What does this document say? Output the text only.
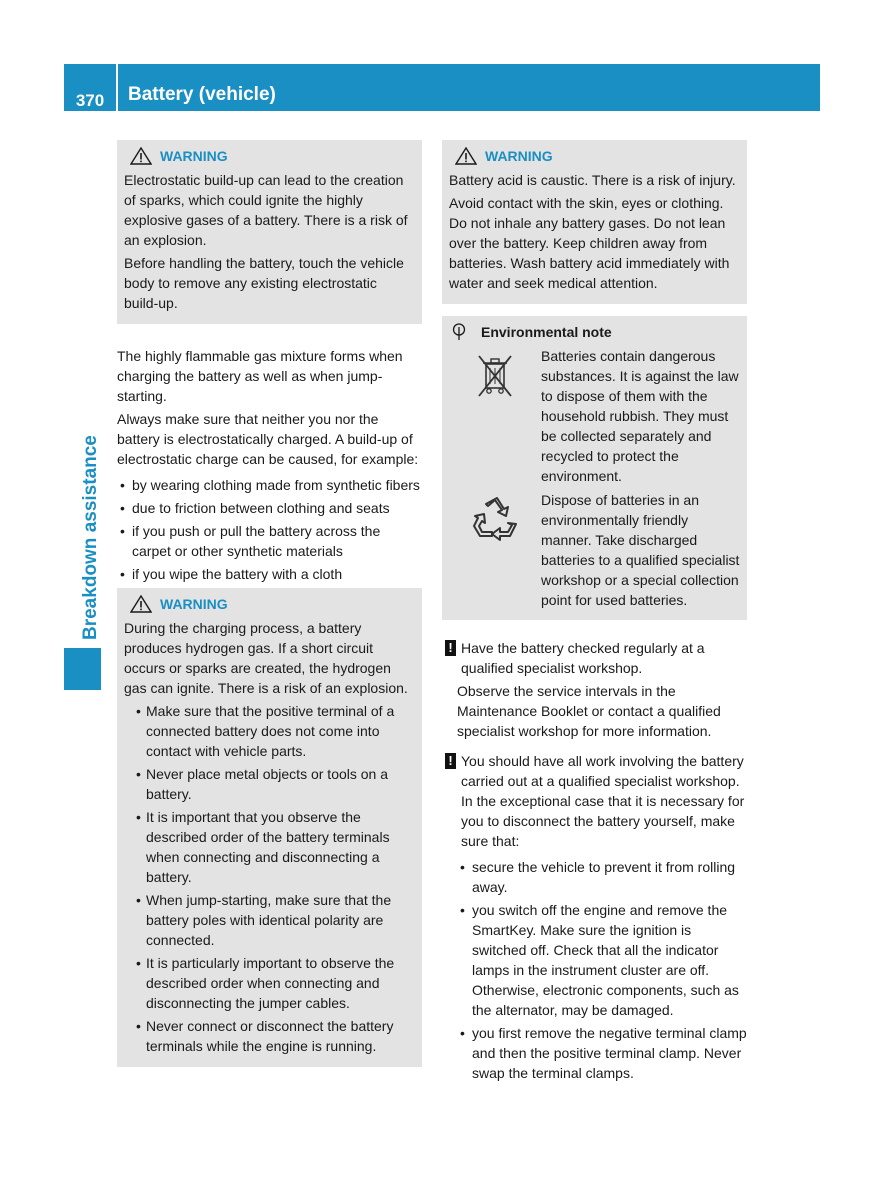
370	Battery (vehicle)
Breakdown assistance
WARNING

Electrostatic build-up can lead to the creation of sparks, which could ignite the highly explosive gases of a battery. There is a risk of an explosion.

Before handling the battery, touch the vehicle body to remove any existing electrostatic build-up.

The highly flammable gas mixture forms when charging the battery as well as when jump-starting.

Always make sure that neither you nor the battery is electrostatically charged. A build-up of electrostatic charge can be caused, for example:

• by wearing clothing made from synthetic fibers
• due to friction between clothing and seats
• if you push or pull the battery across the carpet or other synthetic materials
• if you wipe the battery with a cloth
WARNING

During the charging process, a battery produces hydrogen gas. If a short circuit occurs or sparks are created, the hydrogen gas can ignite. There is a risk of an explosion.

• Make sure that the positive terminal of a connected battery does not come into contact with vehicle parts.
• Never place metal objects or tools on a battery.
• It is important that you observe the described order of the battery terminals when connecting and disconnecting a battery.
• When jump-starting, make sure that the battery poles with identical polarity are connected.
• It is particularly important to observe the described order when connecting and disconnecting the jumper cables.
• Never connect or disconnect the battery terminals while the engine is running.
WARNING

Battery acid is caustic. There is a risk of injury.

Avoid contact with the skin, eyes or clothing. Do not inhale any battery gases. Do not lean over the battery. Keep children away from batteries. Wash battery acid immediately with water and seek medical attention.

Environmental note
Batteries contain dangerous substances. It is against the law to dispose of them with the household rubbish. They must be collected separately and recycled to protect the environment.
Dispose of batteries in an environmentally friendly manner. Take discharged batteries to a qualified specialist workshop or a special collection point for used batteries.
! Have the battery checked regularly at a qualified specialist workshop.
Observe the service intervals in the Maintenance Booklet or contact a qualified specialist workshop for more information.
! You should have all work involving the battery carried out at a qualified specialist workshop. In the exceptional case that it is necessary for you to disconnect the battery yourself, make sure that:
• secure the vehicle to prevent it from rolling away.
• you switch off the engine and remove the SmartKey. Make sure the ignition is switched off. Check that all the indicator lamps in the instrument cluster are off. Otherwise, electronic components, such as the alternator, may be damaged.
• you first remove the negative terminal clamp and then the positive terminal clamp. Never swap the terminal clamps.
